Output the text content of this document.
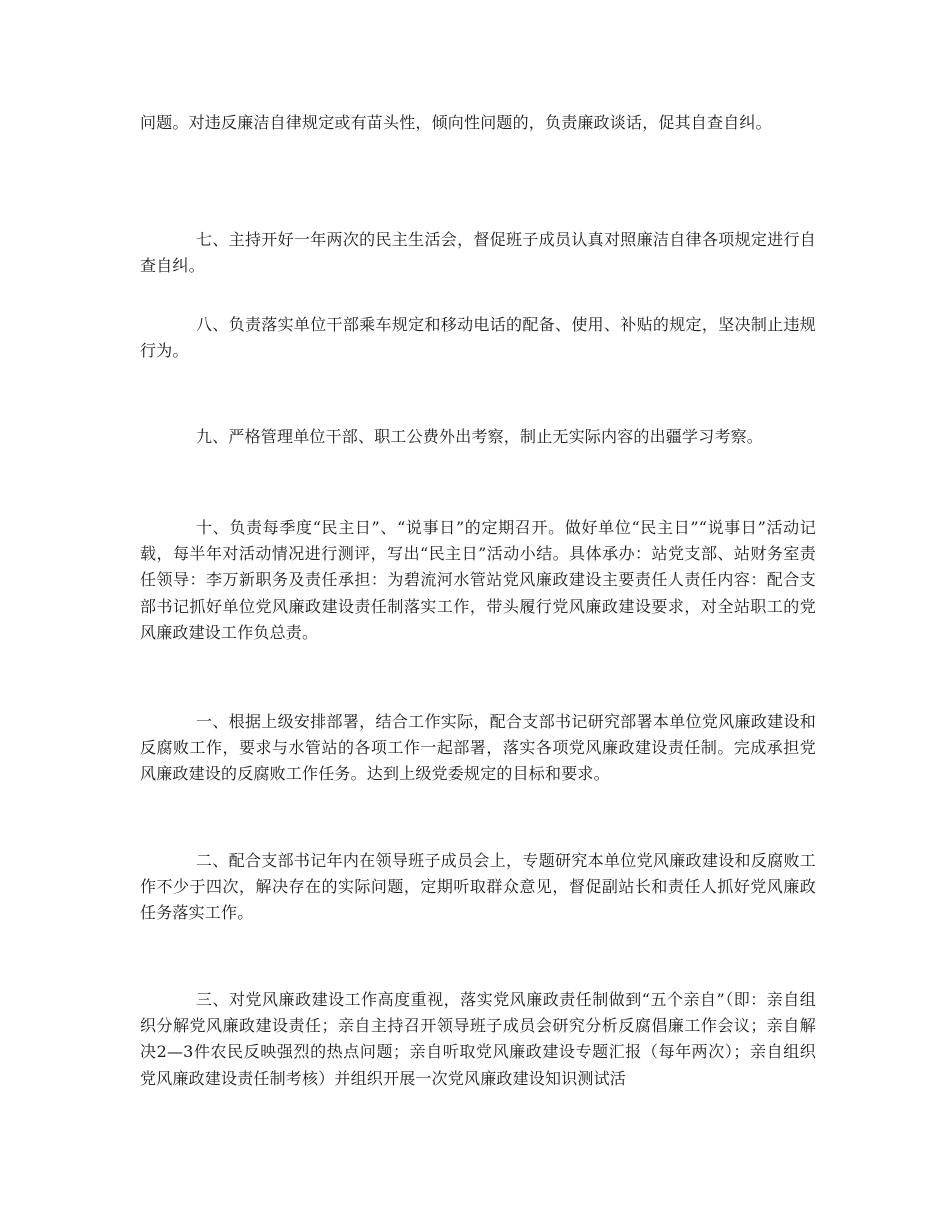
问题。对违反廉洁自律规定或有苗头性，倾向性问题的，负责廉政谈话，促其自查自纠。

七、主持开好一年两次的民主生活会，督促班子成员认真对照廉洁自律各项规定进行自查自纠。

八、负责落实单位干部乘车规定和移动电话的配备、使用、补贴的规定，坚决制止违规行为。

九、严格管理单位干部、职工公费外出考察，制止无实际内容的出疆学习考察。

十、负责每季度“民主日”、“说事日”的定期召开。做好单位“民主日”“说事日”活动记载，每半年对活动情况进行测评，写出“民主日”活动小结。具体承办：站党支部、站财务室责任领导：李万新职务及责任承担：为碧流河水管站党风廉政建设主要责任人责任内容：配合支部书记抓好单位党风廉政建设责任制落实工作，带头履行党风廉政建设要求，对全站职工的党风廉政建设工作负总责。

一、根据上级安排部署，结合工作实际，配合支部书记研究部署本单位党风廉政建设和反腐败工作，要求与水管站的各项工作一起部署，落实各项党风廉政建设责任制。完成承担党风廉政建设的反腐败工作任务。达到上级党委规定的目标和要求。

二、配合支部书记年内在领导班子成员会上，专题研究本单位党风廉政建设和反腐败工作不少于四次，解决存在的实际问题，定期听取群众意见，督促副站长和责任人抓好党风廉政任务落实工作。

三、对党风廉政建设工作高度重视，落实党风廉政责任制做到“五个亲自”（即：亲自组织分解党风廉政建设责任；亲自主持召开领导班子成员会研究分析反腐倡廉工作会议；亲自解决2—3件农民反映强烈的热点问题；亲自听取党风廉政建设专题汇报（每年两次）；亲自组织党风廉政建设责任制考核）并组织开展一次党风廉政建设知识测试活
